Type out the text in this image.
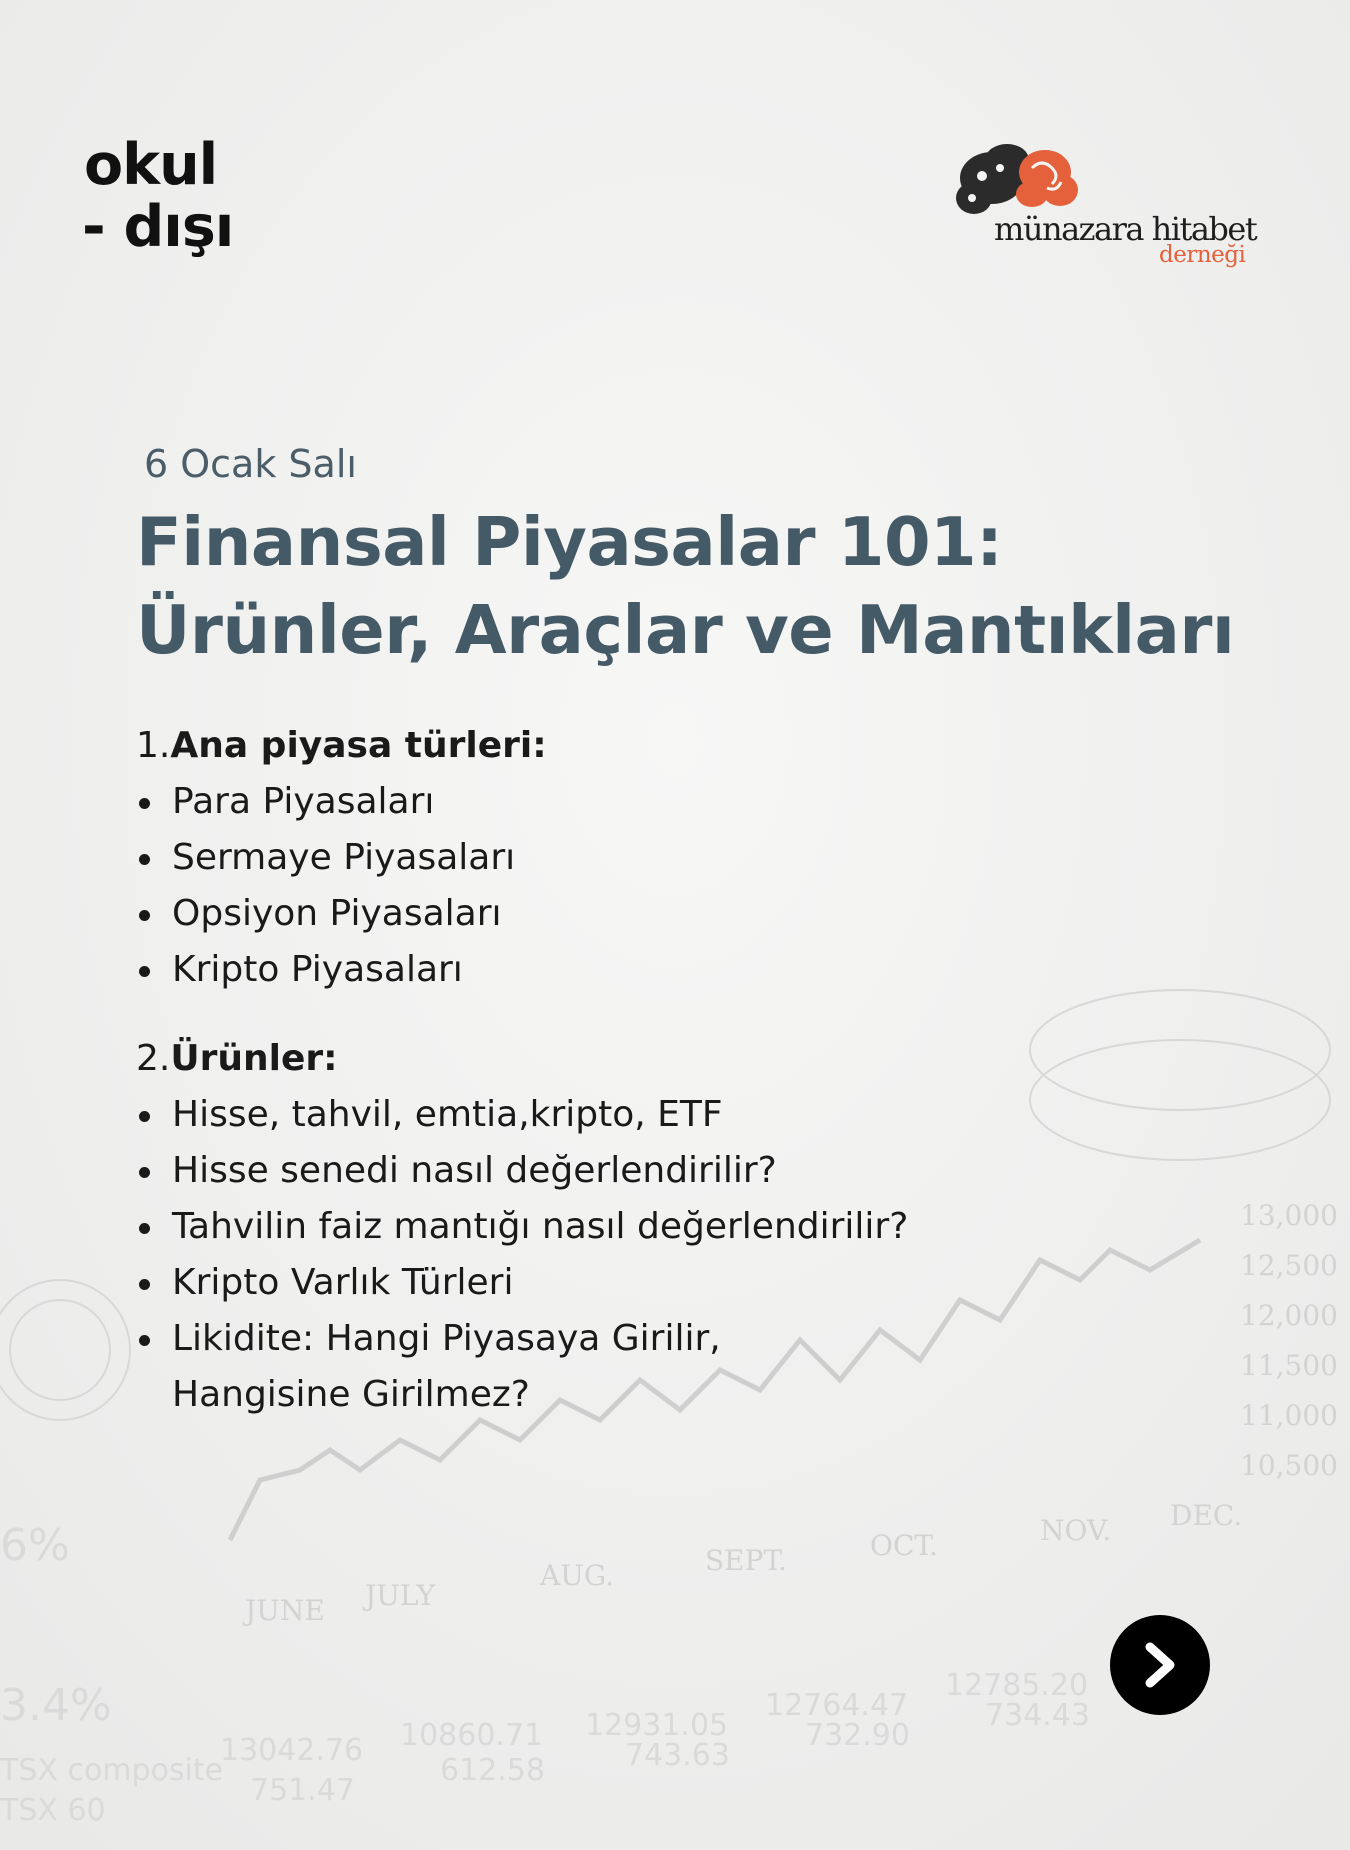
13,000
12,500
12,000
11,500
11,000
10,500
JUNE JULY
AUG.	SEPT.	OCT.	NOV. DEC.
13042.76 10860.71 12931.05
12764.47
12785.20
751.47
612.58	743.63
732.90
734.43
TSX composite
TSX 60
3.4%
6%
okul
- dışı	münazara hitabet
derneği
6 Ocak Salı
Finansal Piyasalar 101:
Ürünler, Araçlar ve Mantıkları
1.Ana piyasa türleri:
Para Piyasaları
Sermaye Piyasaları
Opsiyon Piyasaları
Kripto Piyasaları
2.Ürünler:
Hisse, tahvil, emtia,kripto, ETF
Hisse senedi nasıl değerlendirilir?
Tahvilin faiz mantığı nasıl değerlendirilir?
Kripto Varlık Türleri
Likidite: Hangi Piyasaya Girilir, Hangisine Girilmez?
